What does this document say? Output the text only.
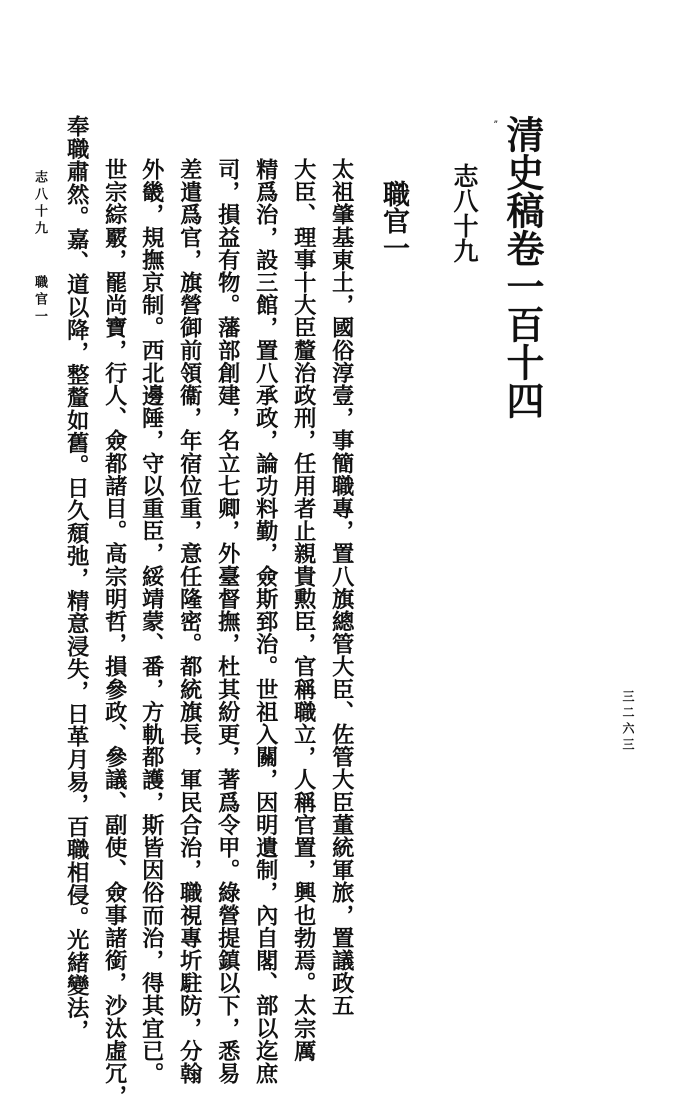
ˮ 清史稿卷一百十四
志八十九
職官一
太祖肇基東土，國俗淳壹，事簡職專，置八旗總管大臣、佐管大臣董統軍旅，置議政五
大臣、理事十大臣釐治政刑，任用者止親貴勲臣，官稱職立，人稱官置，興也勃焉。太宗厲
精爲治，設三館，置八承政，論功料勤，僉斯郅治。世祖入關，因明遺制，內自閣、部以迄庶
司，損益有物。藩部創建，名立七卿，外臺督撫，杜其紛更，著爲令甲。綠營提鎮以下，悉易
差遣爲官，旗營御前領衞，年宿位重，意任隆密。都統旗長，軍民合治，職視專圻駐防，分翰
外畿，規撫京制。西北邊陲，守以重臣，綏靖蒙、番，方軌都護，斯皆因俗而治，得其宜已。
世宗綜覈，罷尚寶，行人、僉都諸目。高宗明哲，損參政、參議、副使、僉事諸銜，沙汰虛冗，
奉職肅然。嘉、道以降，整釐如舊。日久頹弛，精意浸失，日革月易，百職相侵。光緒變法，
志八十九
職官一
三二六三
